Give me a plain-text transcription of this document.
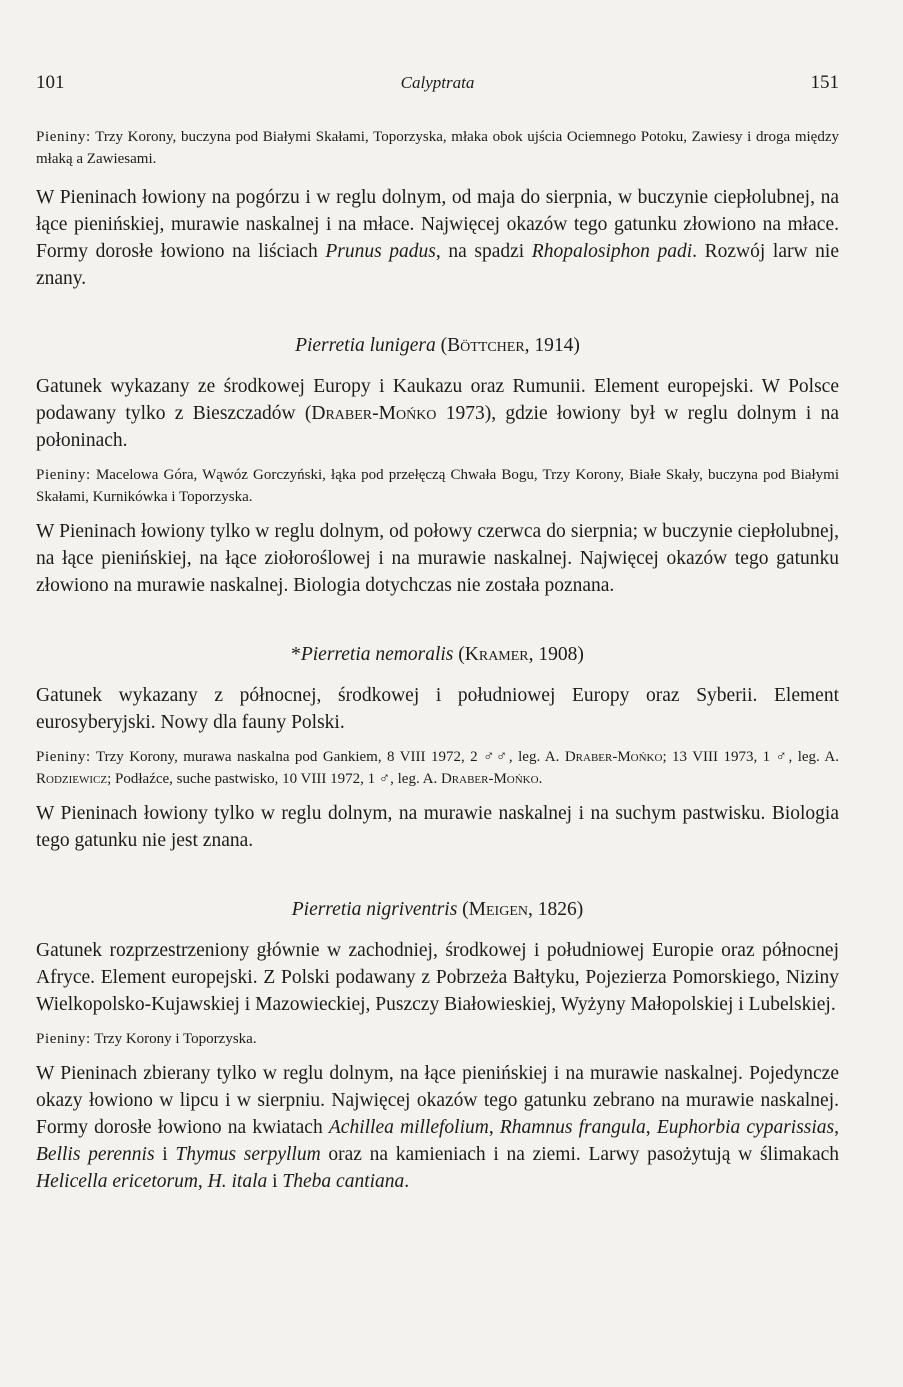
101	Calyptrata	151

Pieniny: Trzy Korony, buczyna pod Białymi Skałami, Toporzyska, młaka obok ujścia Ociemnego Potoku, Zawiesy i droga między młaką a Zawiesami.

W Pieninach łowiony na pogórzu i w reglu dolnym, od maja do sierpnia, w buczynie ciepłolubnej, na łące pienińskiej, murawie naskalnej i na młace. Najwięcej okazów tego gatunku złowiono na młace. Formy dorosłe łowiono na liściach Prunus padus, na spadzi Rhopalosiphon padi. Rozwój larw nie znany.

Pierretia lunigera (Böttcher, 1914)

Gatunek wykazany ze środkowej Europy i Kaukazu oraz Rumunii. Element europejski. W Polsce podawany tylko z Bieszczadów (Draber-Mońko 1973), gdzie łowiony był w reglu dolnym i na połoninach.

Pieniny: Macelowa Góra, Wąwóz Gorczyński, łąka pod przełęczą Chwała Bogu, Trzy Korony, Białe Skały, buczyna pod Białymi Skałami, Kurnikówka i Toporzyska.

W Pieninach łowiony tylko w reglu dolnym, od połowy czerwca do sierpnia; w buczynie ciepłolubnej, na łące pienińskiej, na łące ziołoroślowej i na murawie naskalnej. Najwięcej okazów tego gatunku złowiono na murawie naskalnej. Biologia dotychczas nie została poznana.

*Pierretia nemoralis (Kramer, 1908)

Gatunek wykazany z północnej, środkowej i południowej Europy oraz Syberii. Element eurosyberyjski. Nowy dla fauny Polski.

Pieniny: Trzy Korony, murawa naskalna pod Gankiem, 8 VIII 1972, 2 ♂♂, leg. A. Draber-Mońko; 13 VIII 1973, 1 ♂, leg. A. Rodziewicz; Podłaźce, suche pastwisko, 10 VIII 1972, 1 ♂, leg. A. Draber-Mońko.

W Pieninach łowiony tylko w reglu dolnym, na murawie naskalnej i na suchym pastwisku. Biologia tego gatunku nie jest znana.

Pierretia nigriventris (Meigen, 1826)

Gatunek rozprzestrzeniony głównie w zachodniej, środkowej i południowej Europie oraz północnej Afryce. Element europejski. Z Polski podawany z Pobrzeża Bałtyku, Pojezierza Pomorskiego, Niziny Wielkopolsko-Kujawskiej i Mazowieckiej, Puszczy Białowieskiej, Wyżyny Małopolskiej i Lubelskiej.

Pieniny: Trzy Korony i Toporzyska.

W Pieninach zbierany tylko w reglu dolnym, na łące pienińskiej i na murawie naskalnej. Pojedyncze okazy łowiono w lipcu i w sierpniu. Najwięcej okazów tego gatunku zebrano na murawie naskalnej. Formy dorosłe łowiono na kwiatach Achillea millefolium, Rhamnus frangula, Euphorbia cyparissias, Bellis perennis i Thymus serpyllum oraz na kamieniach i na ziemi. Larwy pasożytują w ślimakach Helicella ericetorum, H. itala i Theba cantiana.
